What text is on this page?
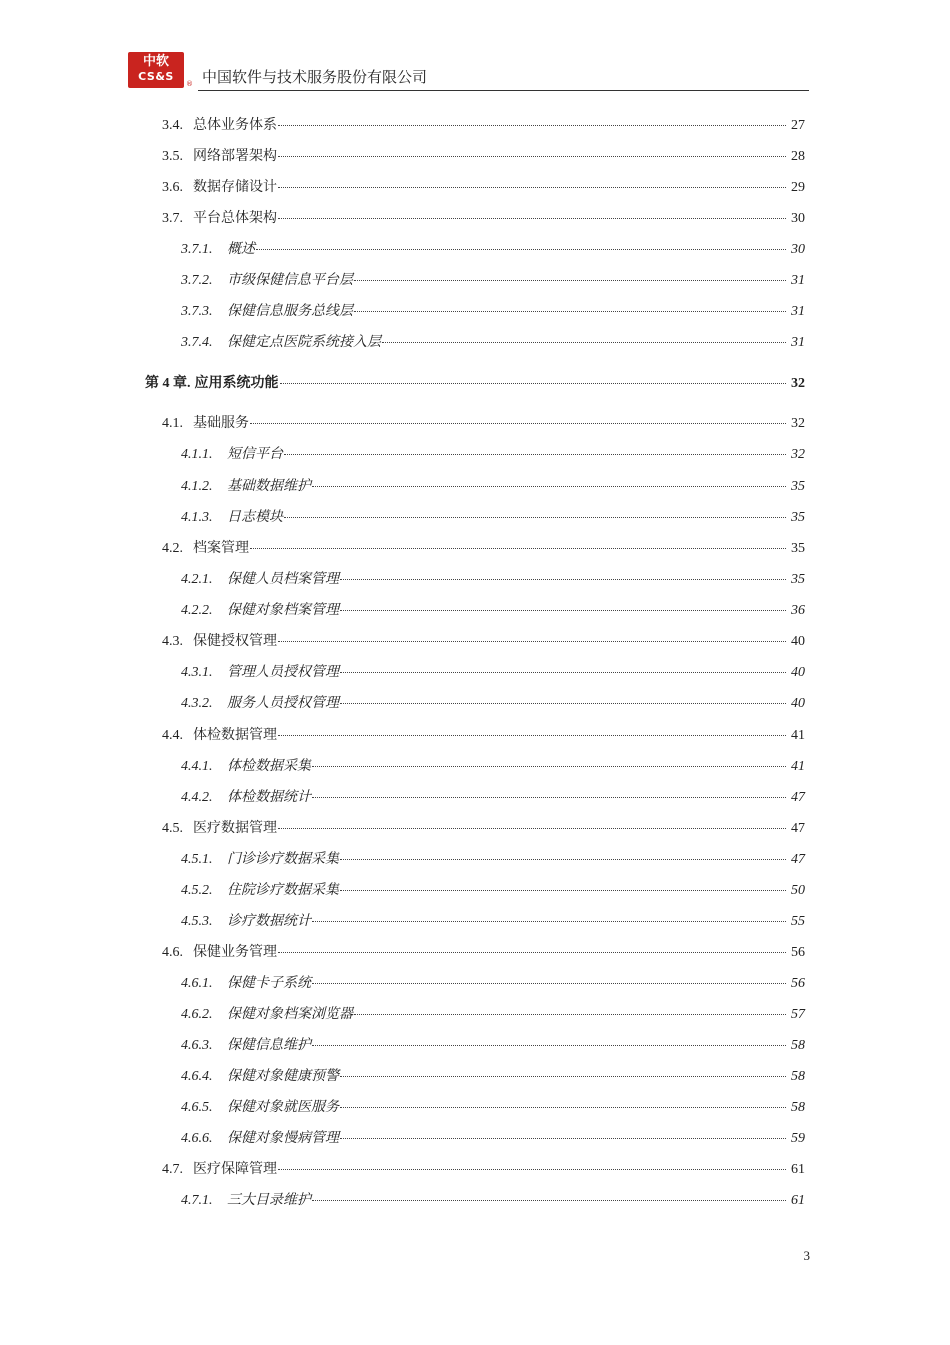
中软
CS&S
® 中国软件与技术服务股份有限公司
3.4. 总体业务体系	27
3.5. 网络部署架构	28
3.6. 数据存储设计	29
3.7. 平台总体架构	30
3.7.1.	概述	30
3.7.2.	市级保健信息平台层	31
3.7.3.	保健信息服务总线层	31
3.7.4.	保健定点医院系统接入层	31
第 4 章. 应用系统功能	32
4.1. 基础服务	32
4.1.1.	短信平台	32
4.1.2.	基础数据维护	35
4.1.3.	日志模块	35
4.2. 档案管理	35
4.2.1.	保健人员档案管理	35
4.2.2.	保健对象档案管理	36
4.3. 保健授权管理	40
4.3.1.	管理人员授权管理	40
4.3.2.	服务人员授权管理	40
4.4. 体检数据管理	41
4.4.1.	体检数据采集	41
4.4.2.	体检数据统计	47
4.5. 医疗数据管理	47
4.5.1.	门诊诊疗数据采集	47
4.5.2.	住院诊疗数据采集	50
4.5.3.	诊疗数据统计	55
4.6. 保健业务管理	56
4.6.1.	保健卡子系统	56
4.6.2.	保健对象档案浏览器	57
4.6.3.	保健信息维护	58
4.6.4.	保健对象健康预警	58
4.6.5.	保健对象就医服务	58
4.6.6.	保健对象慢病管理	59
4.7. 医疗保障管理	61
4.7.1.	三大目录维护	61
3
